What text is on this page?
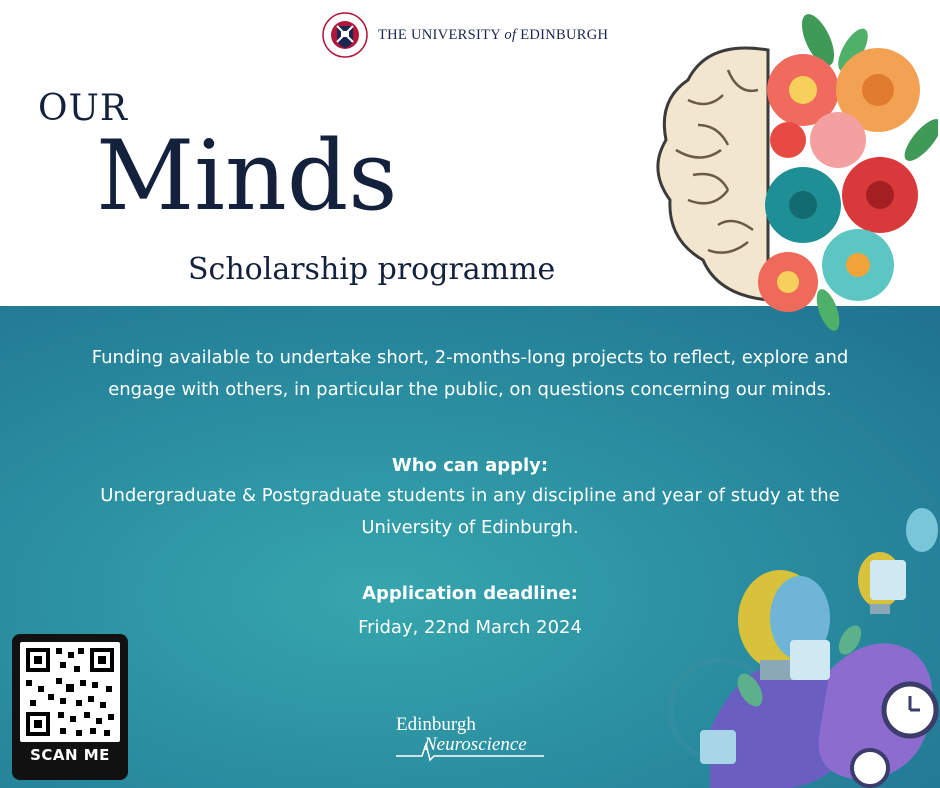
THE UNIVERSITY of EDINBURGH
OUR
Minds
Scholarship programme
Funding available to undertake short, 2-months-long projects to reflect, explore and
engage with others, in particular the public, on questions concerning our minds.
Who can apply:
Undergraduate & Postgraduate students in any discipline and year of study at the
University of Edinburgh.
Application deadline:
Friday, 22nd March 2024
SCAN ME
Edinburgh
Neuroscience
